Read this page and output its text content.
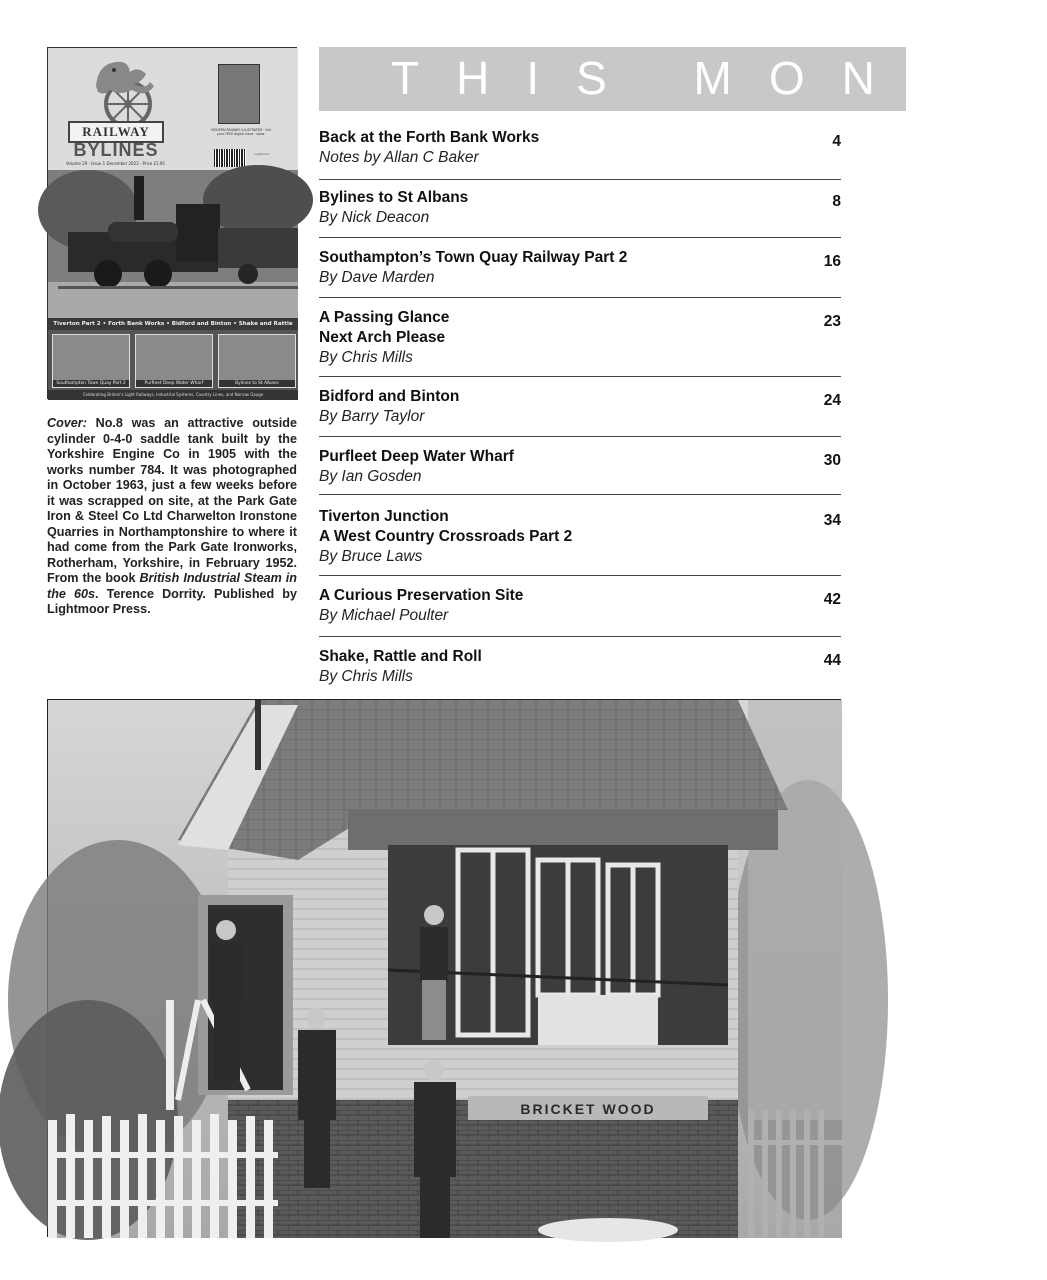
RAILWAY
BYLINES
Volume 29 · Issue 1 December 2023 · Price £5.95
MODERN RAILWAY ILLUSTRATED · Get your FREE digital issue · www.
Lightmoor
Tiverton Part 2 • Forth Bank Works • Bidford and Binton • Shake and Rattle
Southampton Town Quay Part 2	Purfleet Deep Water Wharf	Bylines to St Albans
Celebrating Britain's Light Railways, Industrial Systems, Country Lines, and Narrow Gauge
Cover: No.8 was an attractive outside cylinder 0-4-0 saddle tank built by the Yorkshire Engine Co in 1905 with the works number 784. It was photographed in October 1963, just a few weeks before it was scrapped on site, at the Park Gate Iron & Steel Co Ltd Charwelton Ironstone Quarries in Northamptonshire to where it had come from the Park Gate Ironworks, Rotherham, Yorkshire, in February 1952. From the book British Industrial Steam in the 60s. Terence Dorrity. Published by Lightmoor Press.
THIS MONTH
Back at the Forth Bank Works
Notes by Allan C Baker
4
Bylines to St Albans
By Nick Deacon
8
Southampton’s Town Quay Railway Part 2
By Dave Marden
16
A Passing Glance
Next Arch Please
By Chris Mills
23
Bidford and Binton
By Barry Taylor
24
Purfleet Deep Water Wharf
By Ian Gosden
30
Tiverton Junction
A West Country Crossroads Part 2
By Bruce Laws
34
A Curious Preservation Site
By Michael Poulter
42
Shake, Rattle and Roll
By Chris Mills
44
BRICKET WOOD
